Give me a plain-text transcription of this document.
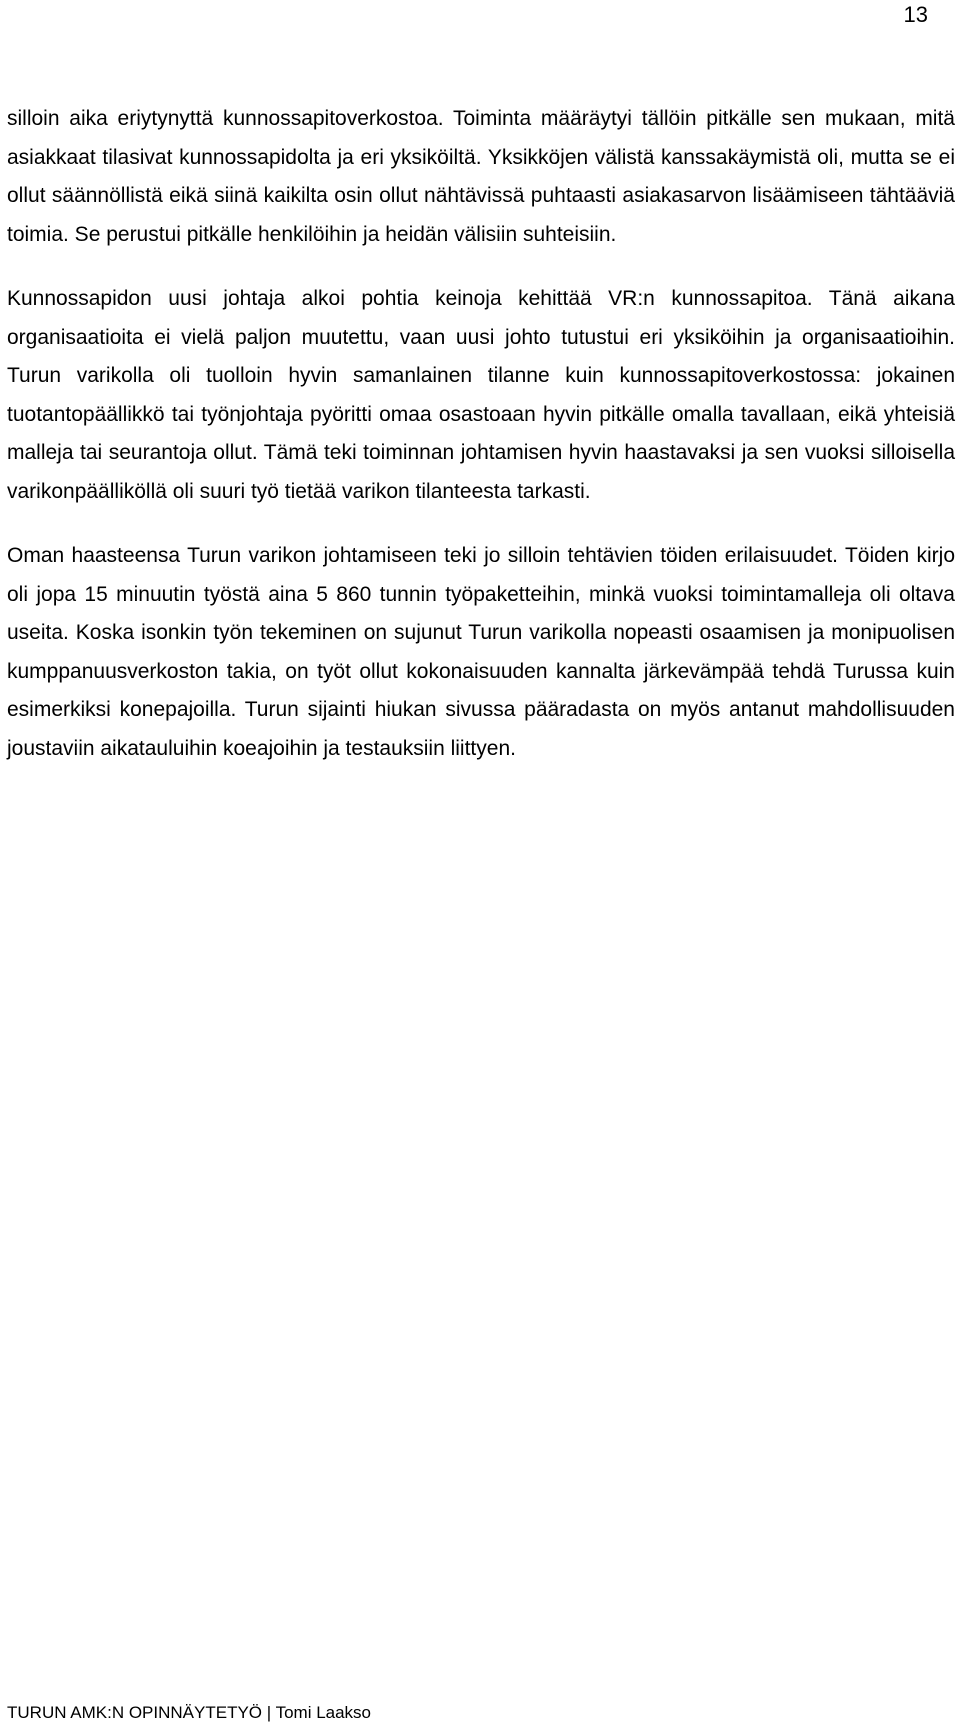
13

silloin aika eriytynyttä kunnossapitoverkostoa. Toiminta määräytyi tällöin pitkälle sen mukaan, mitä asiakkaat tilasivat kunnossapidolta ja eri yksiköiltä. Yksikköjen välistä kanssakäymistä oli, mutta se ei ollut säännöllistä eikä siinä kaikilta osin ollut nähtävissä puhtaasti asiakasarvon lisäämiseen tähtääviä toimia. Se perustui pitkälle henkilöihin ja heidän välisiin suhteisiin.

Kunnossapidon uusi johtaja alkoi pohtia keinoja kehittää VR:n kunnossapitoa. Tänä aikana organisaatioita ei vielä paljon muutettu, vaan uusi johto tutustui eri yksiköihin ja organisaatioihin. Turun varikolla oli tuolloin hyvin samanlainen tilanne kuin kunnossapitoverkostossa: jokainen tuotantopäällikkö tai työnjohtaja pyöritti omaa osastoaan hyvin pitkälle omalla tavallaan, eikä yhteisiä malleja tai seurantoja ollut. Tämä teki toiminnan johtamisen hyvin haastavaksi ja sen vuoksi silloisella varikonpäälliköllä oli suuri työ tietää varikon tilanteesta tarkasti.

Oman haasteensa Turun varikon johtamiseen teki jo silloin tehtävien töiden erilaisuudet. Töiden kirjo oli jopa 15 minuutin työstä aina 5 860 tunnin työpaketteihin, minkä vuoksi toimintamalleja oli oltava useita. Koska isonkin työn tekeminen on sujunut Turun varikolla nopeasti osaamisen ja monipuolisen kumppanuusverkoston takia, on työt ollut kokonaisuuden kannalta järkevämpää tehdä Turussa kuin esimerkiksi konepajoilla. Turun sijainti hiukan sivussa pääradasta on myös antanut mahdollisuuden joustaviin aikatauluihin koeajoihin ja testauksiin liittyen.

TURUN AMK:N OPINNÄYTETYÖ | Tomi Laakso
